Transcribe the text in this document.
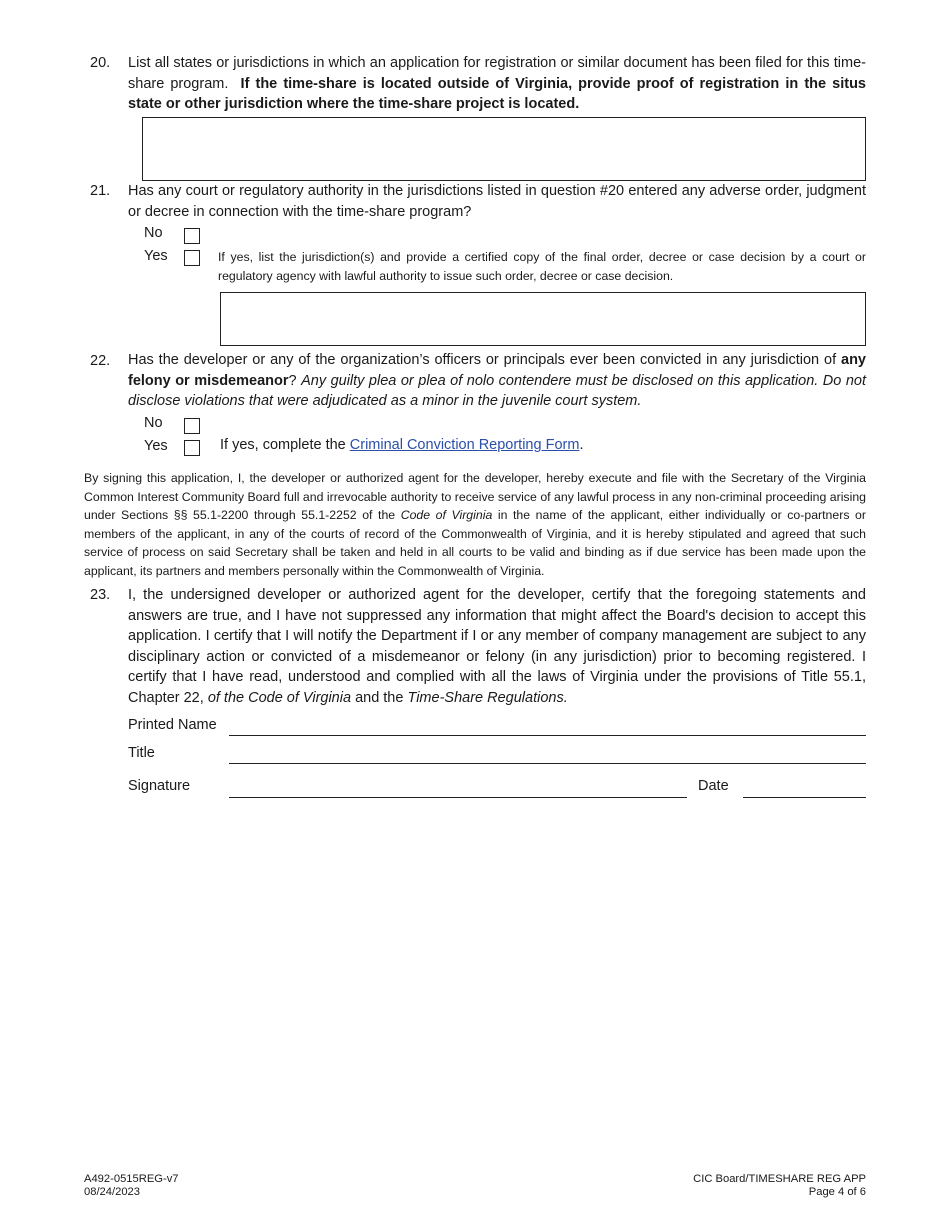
20. List all states or jurisdictions in which an application for registration or similar document has been filed for this time-share program. If the time-share is located outside of Virginia, provide proof of registration in the situs state or other jurisdiction where the time-share project is located.

21. Has any court or regulatory authority in the jurisdictions listed in question #20 entered any adverse order, judgment or decree in connection with the time-share program?

No
Yes	If yes, list the jurisdiction(s) and provide a certified copy of the final order, decree or case decision by a court or regulatory agency with lawful authority to issue such order, decree or case decision.

22. Has the developer or any of the organization’s officers or principals ever been convicted in any jurisdiction of any felony or misdemeanor? Any guilty plea or plea of nolo contendere must be disclosed on this application. Do not disclose violations that were adjudicated as a minor in the juvenile court system.

No
Yes	If yes, complete the Criminal Conviction Reporting Form.

By signing this application, I, the developer or authorized agent for the developer, hereby execute and file with the Secretary of the Virginia Common Interest Community Board full and irrevocable authority to receive service of any lawful process in any non-criminal proceeding arising under Sections §§ 55.1-2200 through 55.1-2252 of the Code of Virginia in the name of the applicant, either individually or co-partners or members of the applicant, in any of the courts of record of the Commonwealth of Virginia, and it is hereby stipulated and agreed that such service of process on said Secretary shall be taken and held in all courts to be valid and binding as if due service has been made upon the applicant, its partners and members personally within the Commonwealth of Virginia.

23. I, the undersigned developer or authorized agent for the developer, certify that the foregoing statements and answers are true, and I have not suppressed any information that might affect the Board's decision to accept this application. I certify that I will notify the Department if I or any member of company management are subject to any disciplinary action or convicted of a misdemeanor or felony (in any jurisdiction) prior to becoming registered. I certify that I have read, understood and complied with all the laws of Virginia under the provisions of Title 55.1, Chapter 22, of the Code of Virginia and the Time-Share Regulations.

Printed Name
Title
Signature	Date
A492-0515REG-v7
08/24/2023
CIC Board/TIMESHARE REG APP
Page 4 of 6
